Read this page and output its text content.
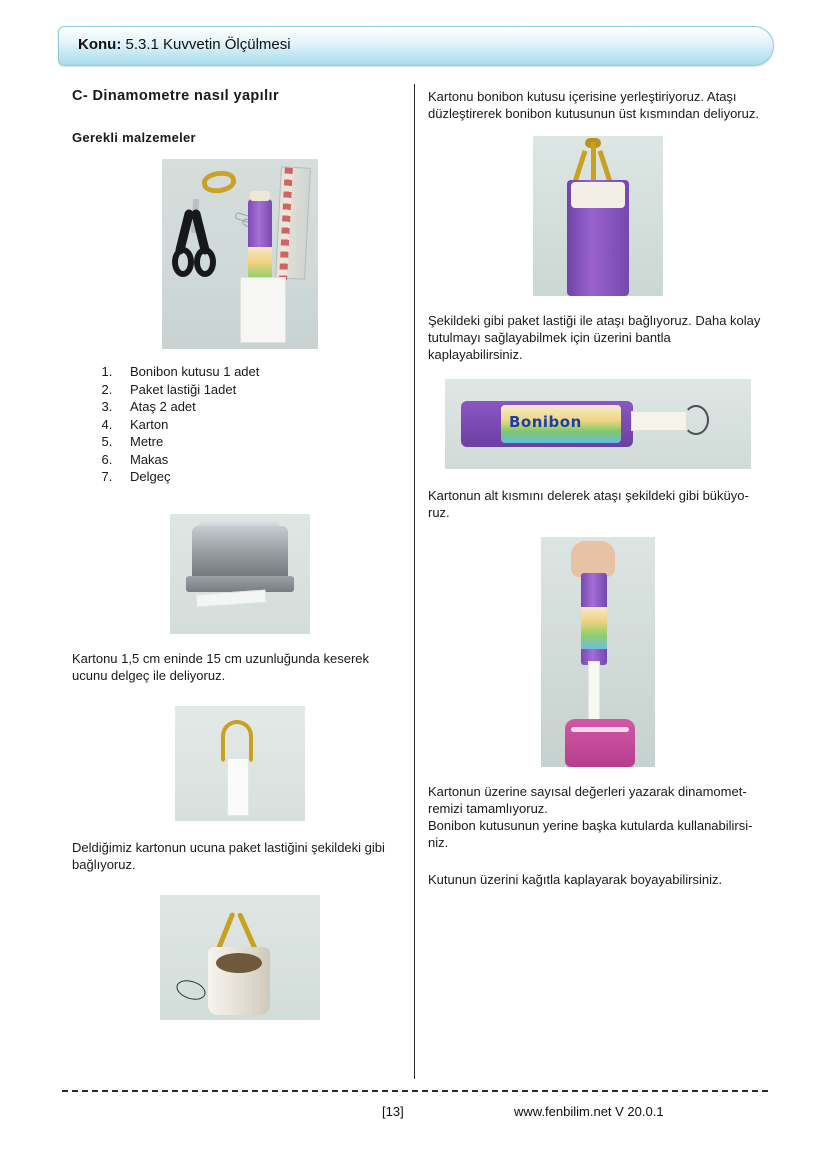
Konu: 5.3.1 Kuvvetin Ölçülmesi
C- Dinamometre nasıl yapılır
Gerekli malzemeler
1. Bonibon kutusu 1 adet
2. Paket lastiği 1adet
3. Ataş 2 adet
4. Karton
5. Metre
6. Makas
7. Delgeç

Kartonu 1,5 cm eninde 15 cm uzunluğunda keserek ucunu delgeç ile deliyoruz.

Deldiğimiz kartonun ucuna paket lastiğini şekildeki gibi bağlıyoruz.

Kartonu bonibon kutusu içerisine yerleştiriyoruz. Ataşı düzleştirerek bonibon kutusunun üst kısmından deliyoruz.

Şekildeki gibi paket lastiği ile ataşı bağlıyoruz. Daha kolay tutulmayı sağlayabilmek için üzerini bantla kaplayabilirsiniz.

Bonibon

Kartonun alt kısmını delerek ataşı şekildeki gibi büküyo-ruz.

Kartonun üzerine sayısal değerleri yazarak dinamomet-remizi tamamlıyoruz.

Bonibon kutusunun yerine başka kutularda kullanabilirsi-niz.

Kutunun üzerini kağıtla kaplayarak boyayabilirsiniz.

[13]	www.fenbilim.net V 20.0.1
